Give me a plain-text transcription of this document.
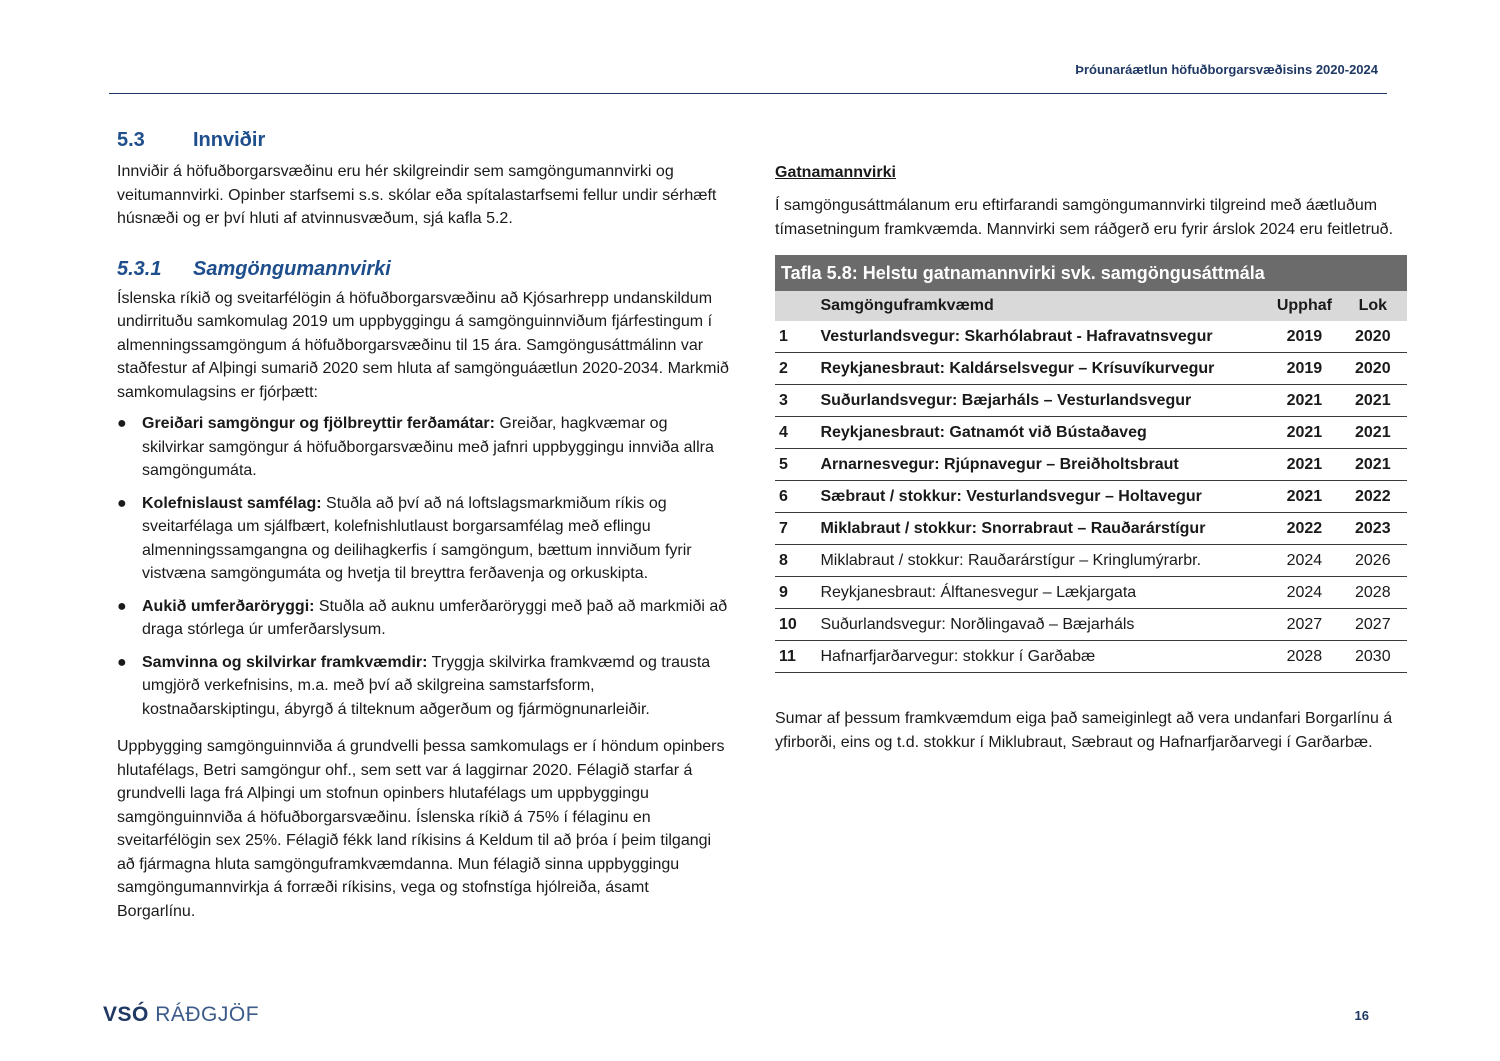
Þróunaráætlun höfuðborgarsvæðisins 2020-2024
5.3 Innviðir

Innviðir á höfuðborgarsvæðinu eru hér skilgreindir sem samgöngumannvirki og veitumannvirki. Opinber starfsemi s.s. skólar eða spítalastarfsemi fellur undir sérhæft húsnæði og er því hluti af atvinnusvæðum, sjá kafla 5.2.

5.3.1 Samgöngumannvirki

Íslenska ríkið og sveitarfélögin á höfuðborgarsvæðinu að Kjósarhrepp undanskildum undirrituðu samkomulag 2019 um uppbyggingu á samgönguinnviðum fjárfestingum í almenningssamgöngum á höfuðborgarsvæðinu til 15 ára. Samgöngusáttmálinn var staðfestur af Alþingi sumarið 2020 sem hluta af samgönguáætlun 2020-2034. Markmið samkomulagsins er fjórþætt:

● Greiðari samgöngur og fjölbreyttir ferðamátar: Greiðar, hagkvæmar og skilvirkar samgöngur á höfuðborgarsvæðinu með jafnri uppbyggingu innviða allra samgöngumáta.
● Kolefnislaust samfélag: Stuðla að því að ná loftslagsmarkmiðum ríkis og sveitarfélaga um sjálfbært, kolefnishlutlaust borgarsamfélag með eflingu almenningssamgangna og deilihagkerfis í samgöngum, bættum innviðum fyrir vistvæna samgöngumáta og hvetja til breyttra ferðavenja og orkuskipta.
● Aukið umferðaröryggi: Stuðla að auknu umferðaröryggi með það að markmiði að draga stórlega úr umferðarslysum.
● Samvinna og skilvirkar framkvæmdir: Tryggja skilvirka framkvæmd og trausta umgjörð verkefnisins, m.a. með því að skilgreina samstarfsform, kostnaðarskiptingu, ábyrgð á tilteknum aðgerðum og fjármögnunarleiðir.

Uppbygging samgönguinnviða á grundvelli þessa samkomulags er í höndum opinbers hlutafélags, Betri samgöngur ohf., sem sett var á laggirnar 2020. Félagið starfar á grundvelli laga frá Alþingi um stofnun opinbers hlutafélags um uppbyggingu samgönguinnviða á höfuðborgarsvæðinu. Íslenska ríkið á 75% í félaginu en sveitarfélögin sex 25%. Félagið fékk land ríkisins á Keldum til að þróa í þeim tilgangi að fjármagna hluta samgönguframkvæmdanna. Mun félagið sinna uppbyggingu samgöngumannvirkja á forræði ríkisins, vega og stofnstíga hjólreiða, ásamt Borgarlínu.

Gatnamannvirki

Í samgöngusáttmálanum eru eftirfarandi samgöngumannvirki tilgreind með áætluðum tímasetningum framkvæmda. Mannvirki sem ráðgerð eru fyrir árslok 2024 eru feitletruð.

Tafla 5.8: Helstu gatnamannvirki svk. samgöngusáttmála
	Samgönguframkvæmd	Upphaf	Lok
1	Vesturlandsvegur: Skarhólabraut - Hafravatnsvegur	2019	2020
2	Reykjanesbraut: Kaldárselsvegur – Krísuvíkurvegur	2019	2020
3	Suðurlandsvegur: Bæjarháls – Vesturlandsvegur	2021	2021
4	Reykjanesbraut: Gatnamót við Bústaðaveg	2021	2021
5	Arnarnesvegur: Rjúpnavegur – Breiðholtsbraut	2021	2021
6	Sæbraut / stokkur: Vesturlandsvegur – Holtavegur	2021	2022
7	Miklabraut / stokkur: Snorrabraut – Rauðarárstígur	2022	2023
8	Miklabraut / stokkur: Rauðarárstígur – Kringlumýrarbr.	2024	2026
9	Reykjanesbraut: Álftanesvegur – Lækjargata	2024	2028
10	Suðurlandsvegur: Norðlingavað – Bæjarháls	2027	2027
11	Hafnarfjarðarvegur: stokkur í Garðabæ	2028	2030

Sumar af þessum framkvæmdum eiga það sameiginlegt að vera undanfari Borgarlínu á yfirborði, eins og t.d. stokkur í Miklubraut, Sæbraut og Hafnarfjarðarvegi í Garðarbæ.

VSÓ RÁÐGJÖF	16
